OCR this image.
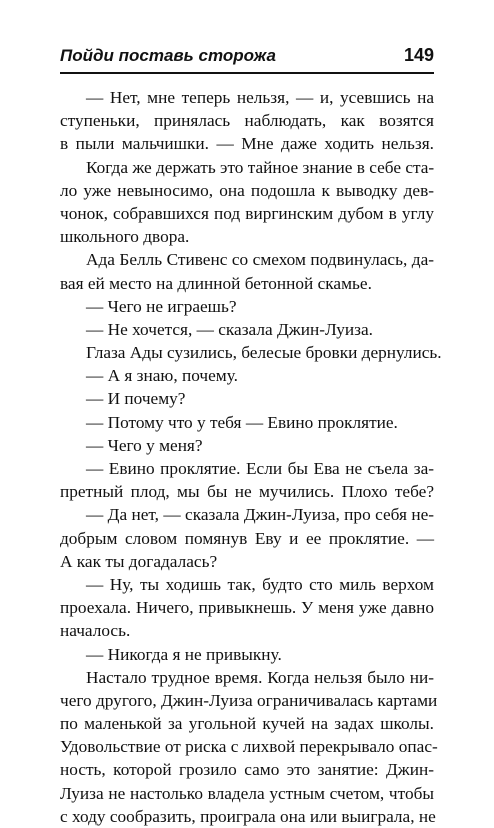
Пойди поставь сторожа	149
— Нет, мне теперь нельзя, — и, усевшись на
ступеньки, принялась наблюдать, как возятся
в пыли мальчишки. — Мне даже ходить нельзя.
Когда же держать это тайное знание в себе ста-
ло уже невыносимо, она подошла к выводку дев-
чонок, собравшихся под виргинским дубом в углу
школьного двора.
Ада Белль Стивенс со смехом подвинулась, да-
вая ей место на длинной бетонной скамье.
— Чего не играешь?
— Не хочется, — сказала Джин-Луиза.
Глаза Ады сузились, белесые бровки дернулись.
— А я знаю, почему.
— И почему?
— Потому что у тебя — Евино проклятие.
— Чего у меня?
— Евино проклятие. Если бы Ева не съела за-
претный плод, мы бы не мучились. Плохо тебе?
— Да нет, — сказала Джин-Луиза, про себя не-
добрым словом помянув Еву и ее проклятие. —
А как ты догадалась?
— Ну, ты ходишь так, будто сто миль верхом
проехала. Ничего, привыкнешь. У меня уже давно
началось.
— Никогда я не привыкну.
Настало трудное время. Когда нельзя было ни-
чего другого, Джин-Луиза ограничивалась картами
по маленькой за угольной кучей на задах школы.
Удовольствие от риска с лихвой перекрывало опас-
ность, которой грозило само это занятие: Джин-
Луиза не настолько владела устным счетом, чтобы
с ходу сообразить, проиграла она или выиграла, не
